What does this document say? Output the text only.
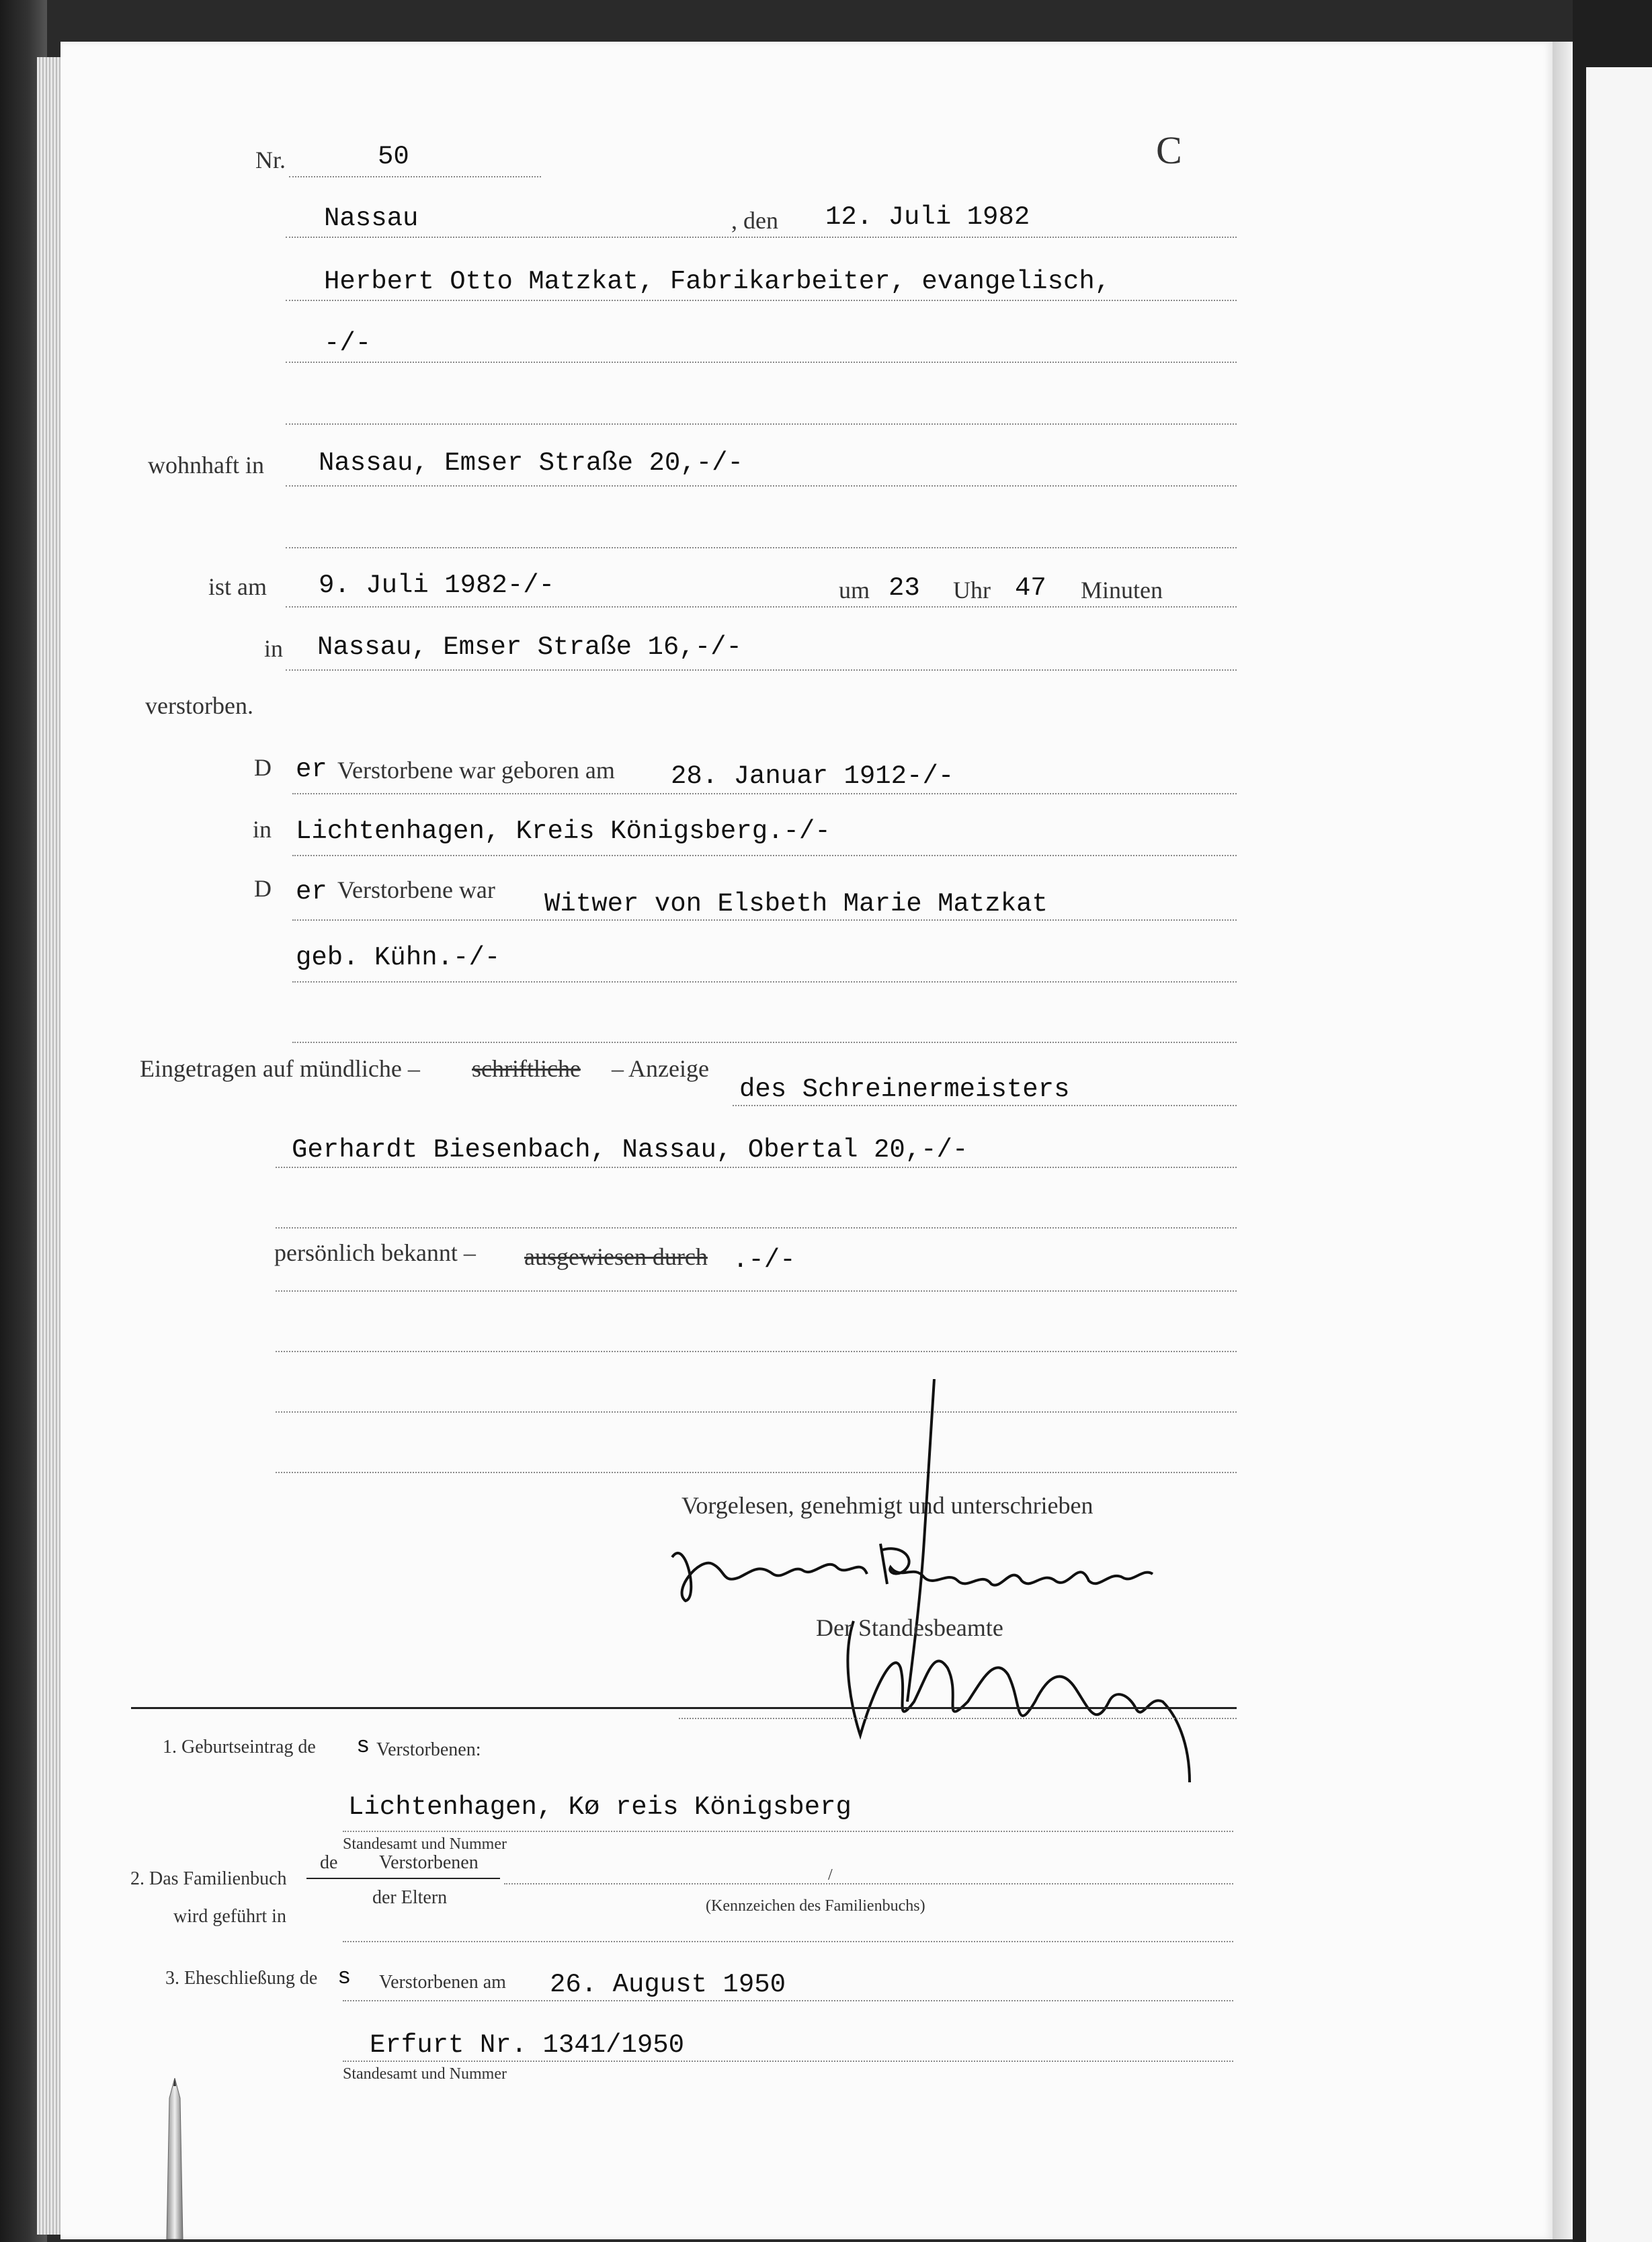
Nr.	50	C
Nassau	, den 12. Juli 1982
Herbert Otto Matzkat, Fabrikarbeiter, evangelisch,
-/-
wohnhaft in Nassau, Emser Straße 20,-/-
ist am 9. Juli 1982-/-	um 23 Uhr 47 Minuten
in Nassau, Emser Straße 16,-/-
verstorben.
D er Verstorbene war geboren am 28. Januar 1912-/-
in Lichtenhagen, Kreis Königsberg.-/-
D er Verstorbene war Witwer von Elsbeth Marie Matzkat
geb. Kühn.-/-
Eingetragen auf mündliche – schriftliche – Anzeige
des Schreinermeisters
Gerhardt Biesenbach, Nassau, Obertal 20,-/-
persönlich bekannt – ausgewiesen durch .-/-
Vorgelesen, genehmigt und unterschrieben
Der Standesbeamte
1. Geburtseintrag de s Verstorbenen:
Lichtenhagen, Kø reis Königsberg
Standesamt und Nummer
2. Das Familienbuch
wird geführt in
de Verstorbenen
der Eltern
/
(Kennzeichen des Familienbuchs)
3. Eheschließung de s Verstorbenen am 26. August 1950
Erfurt Nr. 1341/1950
Standesamt und Nummer
